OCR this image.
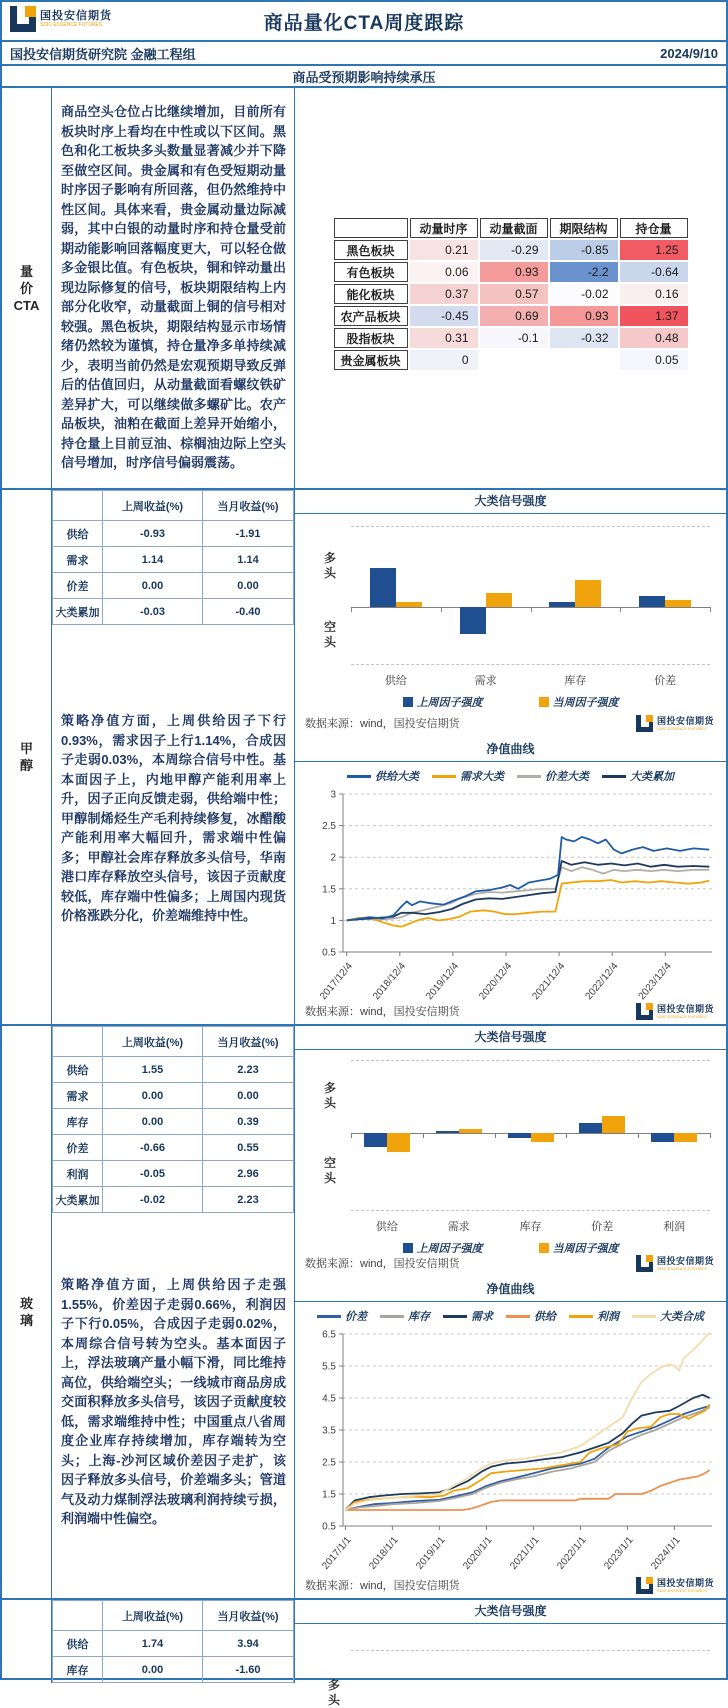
国投安信期货
SDIC ESSENCE FUTURES	商品量化CTA周度跟踪
国投安信期货研究院 金融工程组	2024/9/10
商品受预期影响持续承压
量
价
CTA
商品空头仓位占比继续增加，目前所有板块时序上看均在中性或以下区间。黑色和化工板块多头数量显著减少并下降至做空区间。贵金属和有色受短期动量时序因子影响有所回落，但仍然维持中性区间。具体来看，贵金属动量边际减弱，其中白银的动量时序和持仓量受前期动能影响回落幅度更大，可以轻仓做多金银比值。有色板块，铜和锌动量出现边际修复的信号，板块期限结构上内部分化收窄，动量截面上铜的信号相对较强。黑色板块，期限结构显示市场情绪仍然较为谨慎，持仓量净多单持续减少，表明当前仍然是宏观预期导致反弹后的估值回归，从动量截面看螺纹铁矿差异扩大，可以继续做多螺矿比。农产品板块，油粕在截面上差异开始缩小，持仓量上目前豆油、棕榈油边际上空头信号增加，时序信号偏弱震荡。
	动量时序	动量截面	期限结构	持仓量
黑色板块	0.21	-0.29	-0.85	1.25
有色板块	0.06	0.93	-2.2	-0.64
能化板块	0.37	0.57	-0.02	0.16
农产品板块	-0.45	0.69	0.93	1.37
股指板块	0.31	-0.1	-0.32	0.48
贵金属板块	0			0.05
甲
醇
	上周收益(%)	当月收益(%)
供给	-0.93	-1.91
需求	1.14	1.14
价差	0.00	0.00
大类累加	-0.03	-0.40
策略净值方面，上周供给因子下行0.93%，需求因子上行1.14%，合成因子走弱0.03%，本周综合信号中性。基本面因子上，内地甲醇产能利用率上升，因子正向反馈走弱，供给端中性；甲醇制烯烃生产毛利持续修复，冰醋酸产能利用率大幅回升，需求端中性偏多；甲醇社会库存释放多头信号，华南港口库存释放空头信号，该因子贡献度较低，库存端中性偏多；上周国内现货价格涨跌分化，价差端维持中性。
大类信号强度
多
头
空
头
供给	需求	库存	价差
上周因子强度	当周因子强度
数据来源：wind，国投安信期货	国投安信期货
SDIC ESSENCE FUTURES
净值曲线
供给大类	需求大类	价差大类	大类累加
0.5
1
1.5
2
2.5
3
2017/12/4 2018/12/4 2019/12/4 2020/12/4 2021/12/4 2022/12/4 2023/12/4
数据来源：wind，国投安信期货	国投安信期货
SDIC ESSENCE FUTURES
玻
璃
	上周收益(%)	当月收益(%)
供给	1.55	2.23
需求	0.00	0.00
库存	0.00	0.39
价差	-0.66	0.55
利润	-0.05	2.96
大类累加	-0.02	2.23
策略净值方面，上周供给因子走强1.55%，价差因子走弱0.66%，利润因子下行0.05%，合成因子走弱0.02%，本周综合信号转为空头。基本面因子上，浮法玻璃产量小幅下滑，同比维持高位，供给端空头；一线城市商品房成交面积释放多头信号，该因子贡献度较低，需求端维持中性；中国重点八省周度企业库存持续增加，库存端转为空头；上海-沙河区域价差因子走扩，该因子释放多头信号，价差端多头；管道气及动力煤制浮法玻璃利润持续亏损，利润端中性偏空。
大类信号强度
多
头
空
头
供给	需求	库存	价差	利润
上周因子强度	当周因子强度
数据来源：wind，国投安信期货	国投安信期货
SDIC ESSENCE FUTURES
净值曲线
价差	库存	需求	供给	利润	大类合成
0.5
1.5
2.5
3.5
4.5
5.5
6.5
2017/1/1 2018/1/1 2019/1/1 2020/1/1 2021/1/1 2022/1/1 2023/1/1 2024/1/1
数据来源：wind，国投安信期货	国投安信期货
SDIC ESSENCE FUTURES
	上周收益(%)	当月收益(%)
供给	1.74	3.94
库存	0.00	-1.60
大类信号强度
多头
